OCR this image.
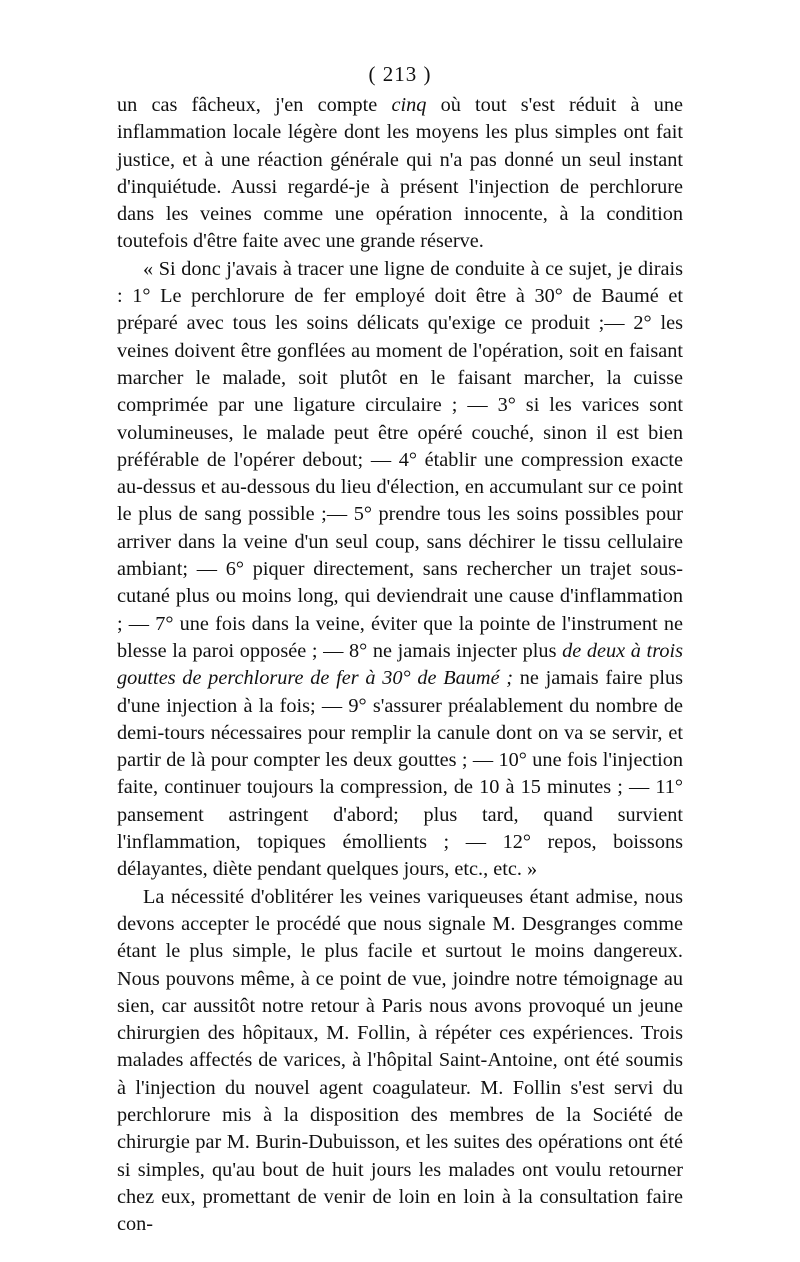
( 213 )

un cas fâcheux, j'en compte cinq où tout s'est réduit à une inflammation locale légère dont les moyens les plus simples ont fait justice, et à une réaction générale qui n'a pas donné un seul instant d'inquiétude. Aussi regardé-je à présent l'injection de perchlorure dans les veines comme une opération innocente, à la condition toutefois d'être faite avec une grande réserve.

« Si donc j'avais à tracer une ligne de conduite à ce sujet, je dirais : 1° Le perchlorure de fer employé doit être à 30° de Baumé et préparé avec tous les soins délicats qu'exige ce produit ;— 2° les veines doivent être gonflées au moment de l'opération, soit en faisant marcher le malade, soit plutôt en le faisant marcher, la cuisse comprimée par une ligature circulaire ; — 3° si les varices sont volumineuses, le malade peut être opéré couché, sinon il est bien préférable de l'opérer debout; — 4° établir une compression exacte au-dessus et au-dessous du lieu d'élection, en accumulant sur ce point le plus de sang possible ;— 5° prendre tous les soins possibles pour arriver dans la veine d'un seul coup, sans déchirer le tissu cellulaire ambiant; — 6° piquer directement, sans rechercher un trajet sous-cutané plus ou moins long, qui deviendrait une cause d'inflammation ; — 7° une fois dans la veine, éviter que la pointe de l'instrument ne blesse la paroi opposée ; — 8° ne jamais injecter plus de deux à trois gouttes de perchlorure de fer à 30° de Baumé ; ne jamais faire plus d'une injection à la fois; — 9° s'assurer préalablement du nombre de demi-tours nécessaires pour remplir la canule dont on va se servir, et partir de là pour compter les deux gouttes ; — 10° une fois l'injection faite, continuer toujours la compression, de 10 à 15 minutes ; — 11° pansement astringent d'abord; plus tard, quand survient l'inflammation, topiques émollients ; — 12° repos, boissons délayantes, diète pendant quelques jours, etc., etc. »

La nécessité d'oblitérer les veines variqueuses étant admise, nous devons accepter le procédé que nous signale M. Desgranges comme étant le plus simple, le plus facile et surtout le moins dangereux. Nous pouvons même, à ce point de vue, joindre notre témoignage au sien, car aussitôt notre retour à Paris nous avons provoqué un jeune chirurgien des hôpitaux, M. Follin, à répéter ces expériences. Trois malades affectés de varices, à l'hôpital Saint-Antoine, ont été soumis à l'injection du nouvel agent coagulateur. M. Follin s'est servi du perchlorure mis à la disposition des membres de la Société de chirurgie par M. Burin-Dubuisson, et les suites des opérations ont été si simples, qu'au bout de huit jours les malades ont voulu retourner chez eux, promettant de venir de loin en loin à la consultation faire con-
